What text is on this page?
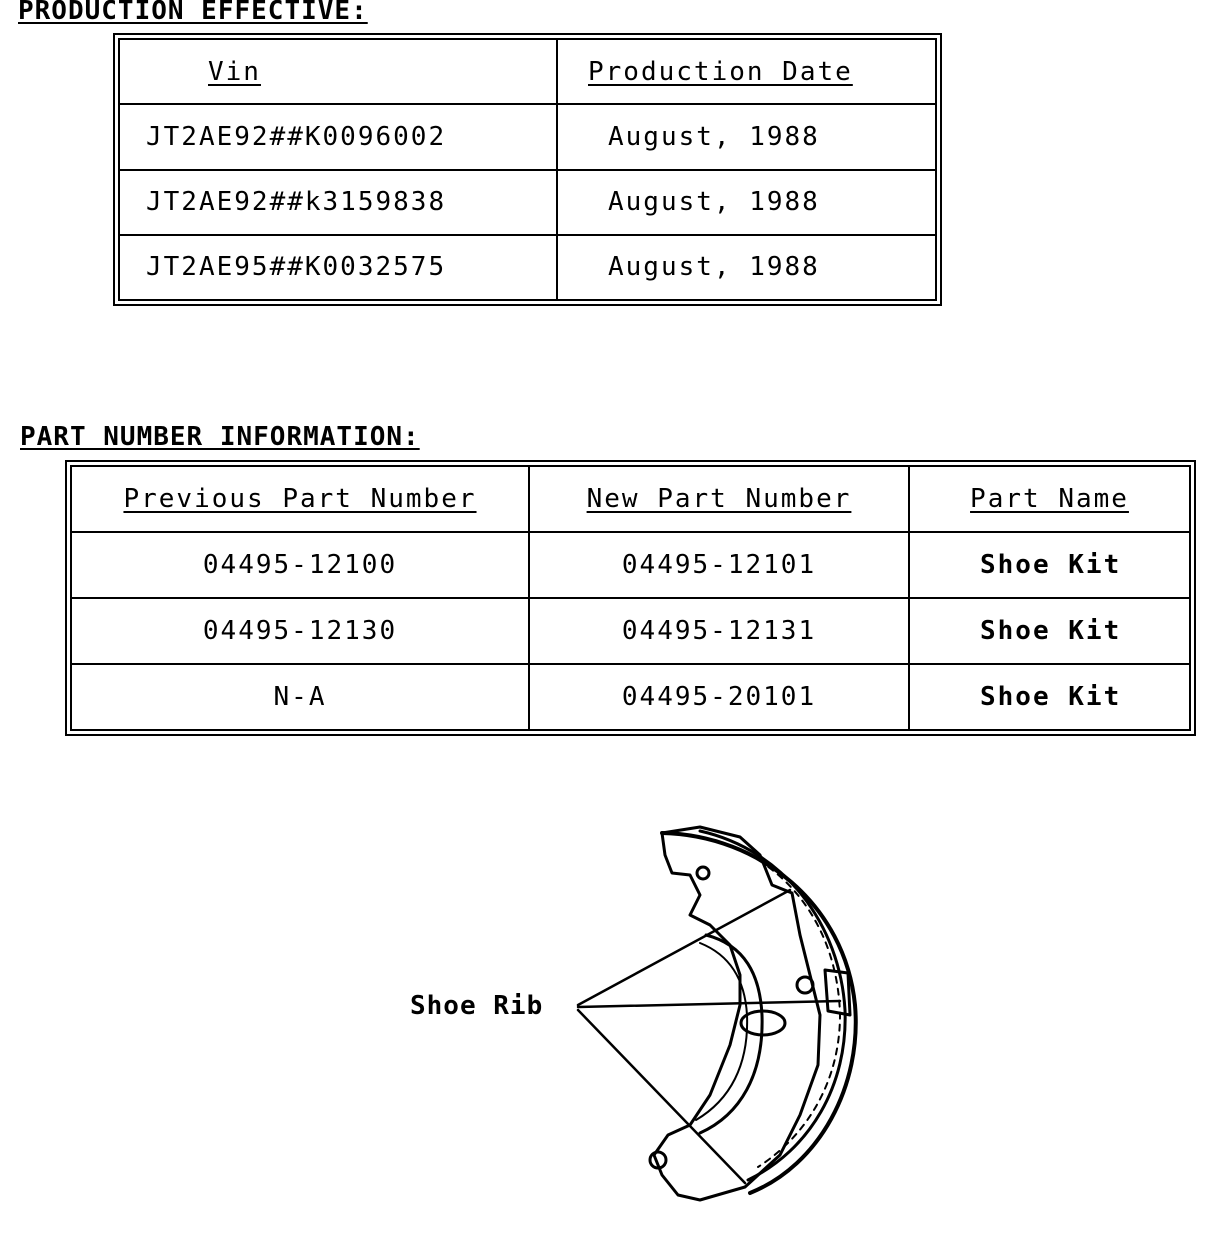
PRODUCTION EFFECTIVE:
Vin	Production Date
JT2AE92##K0096002	August, 1988
JT2AE92##k3159838	August, 1988
JT2AE95##K0032575	August, 1988
PART NUMBER INFORMATION:
Previous Part Number	New Part Number	Part Name
04495-12100	04495-12101	Shoe Kit
04495-12130	04495-12131	Shoe Kit
N-A	04495-20101	Shoe Kit
Shoe Rib
